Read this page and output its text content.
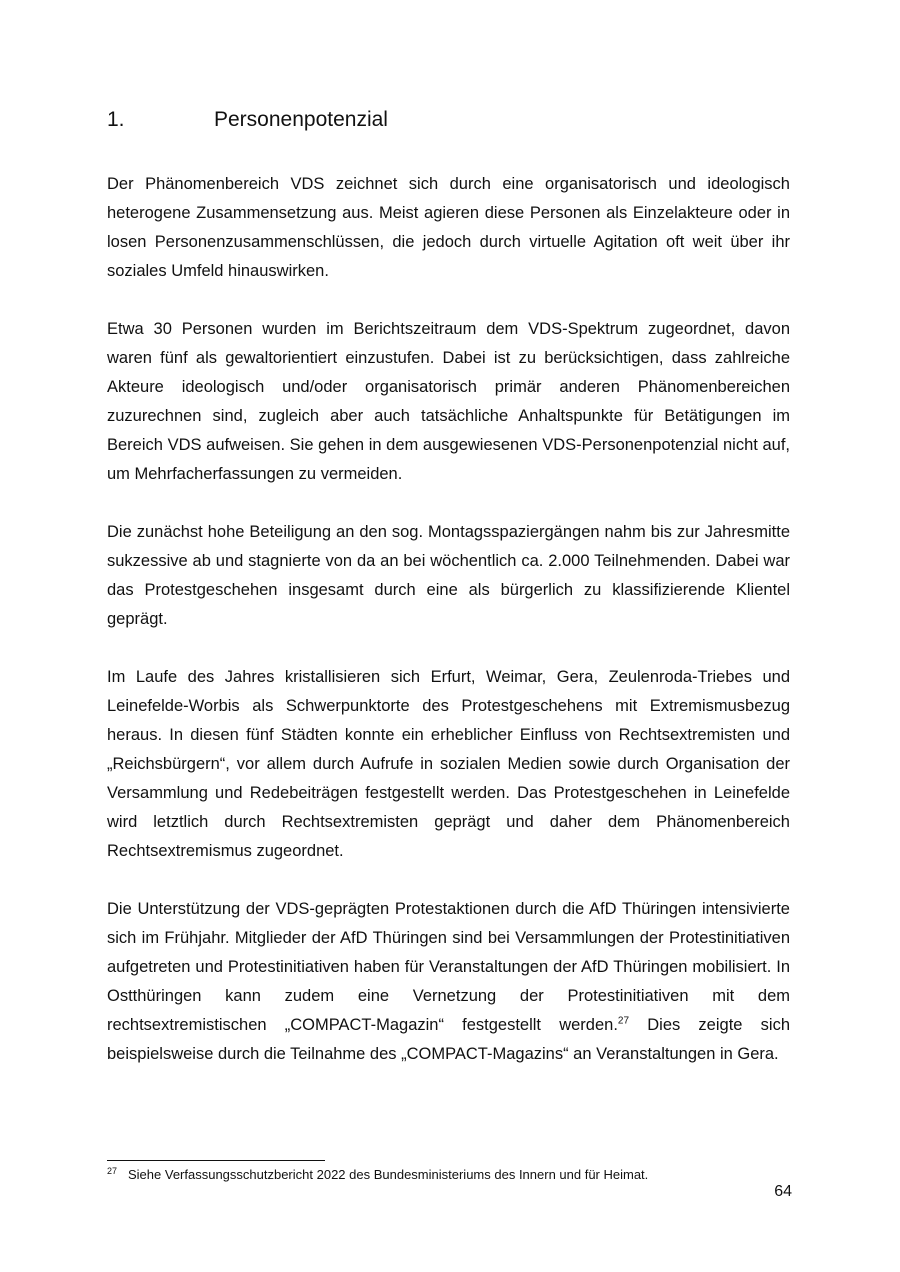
1.	Personenpotenzial

Der Phänomenbereich VDS zeichnet sich durch eine organisatorisch und ideologisch heterogene Zusammensetzung aus. Meist agieren diese Personen als Einzelakteure oder in losen Personenzusammenschlüssen, die jedoch durch virtuelle Agitation oft weit über ihr soziales Umfeld hinauswirken.

Etwa 30 Personen wurden im Berichtszeitraum dem VDS-Spektrum zugeordnet, davon waren fünf als gewaltorientiert einzustufen. Dabei ist zu berücksichtigen, dass zahlreiche Akteure ideologisch und/oder organisatorisch primär anderen Phänomenbereichen zuzurechnen sind, zugleich aber auch tatsächliche Anhaltspunkte für Betätigungen im Bereich VDS aufweisen. Sie gehen in dem ausgewiesenen VDS-Personenpotenzial nicht auf, um Mehrfacherfassungen zu vermeiden.

Die zunächst hohe Beteiligung an den sog. Montagsspaziergängen nahm bis zur Jahresmitte sukzessive ab und stagnierte von da an bei wöchentlich ca. 2.000 Teilnehmenden. Dabei war das Protestgeschehen insgesamt durch eine als bürgerlich zu klassifizierende Klientel geprägt.

Im Laufe des Jahres kristallisieren sich Erfurt, Weimar, Gera, Zeulenroda-Triebes und Leinefelde-Worbis als Schwerpunktorte des Protestgeschehens mit Extremismusbezug heraus. In diesen fünf Städten konnte ein erheblicher Einfluss von Rechtsextremisten und „Reichsbürgern“, vor allem durch Aufrufe in sozialen Medien sowie durch Organisation der Versammlung und Redebeiträgen festgestellt werden. Das Protestgeschehen in Leinefelde wird letztlich durch Rechtsextremisten geprägt und daher dem Phänomenbereich Rechtsextremismus zugeordnet.

Die Unterstützung der VDS-geprägten Protestaktionen durch die AfD Thüringen intensivierte sich im Frühjahr. Mitglieder der AfD Thüringen sind bei Versammlungen der Protestinitiativen aufgetreten und Protestinitiativen haben für Veranstaltungen der AfD Thüringen mobilisiert. In Ostthüringen kann zudem eine Vernetzung der Protestinitiativen mit dem rechtsextremistischen „COMPACT-Magazin“ festgestellt werden.$^{27}$ Dies zeigte sich beispielsweise durch die Teilnahme des „COMPACT-Magazins“ an Veranstaltungen in Gera.

27 Siehe Verfassungsschutzbericht 2022 des Bundesministeriums des Innern und für Heimat.
64
